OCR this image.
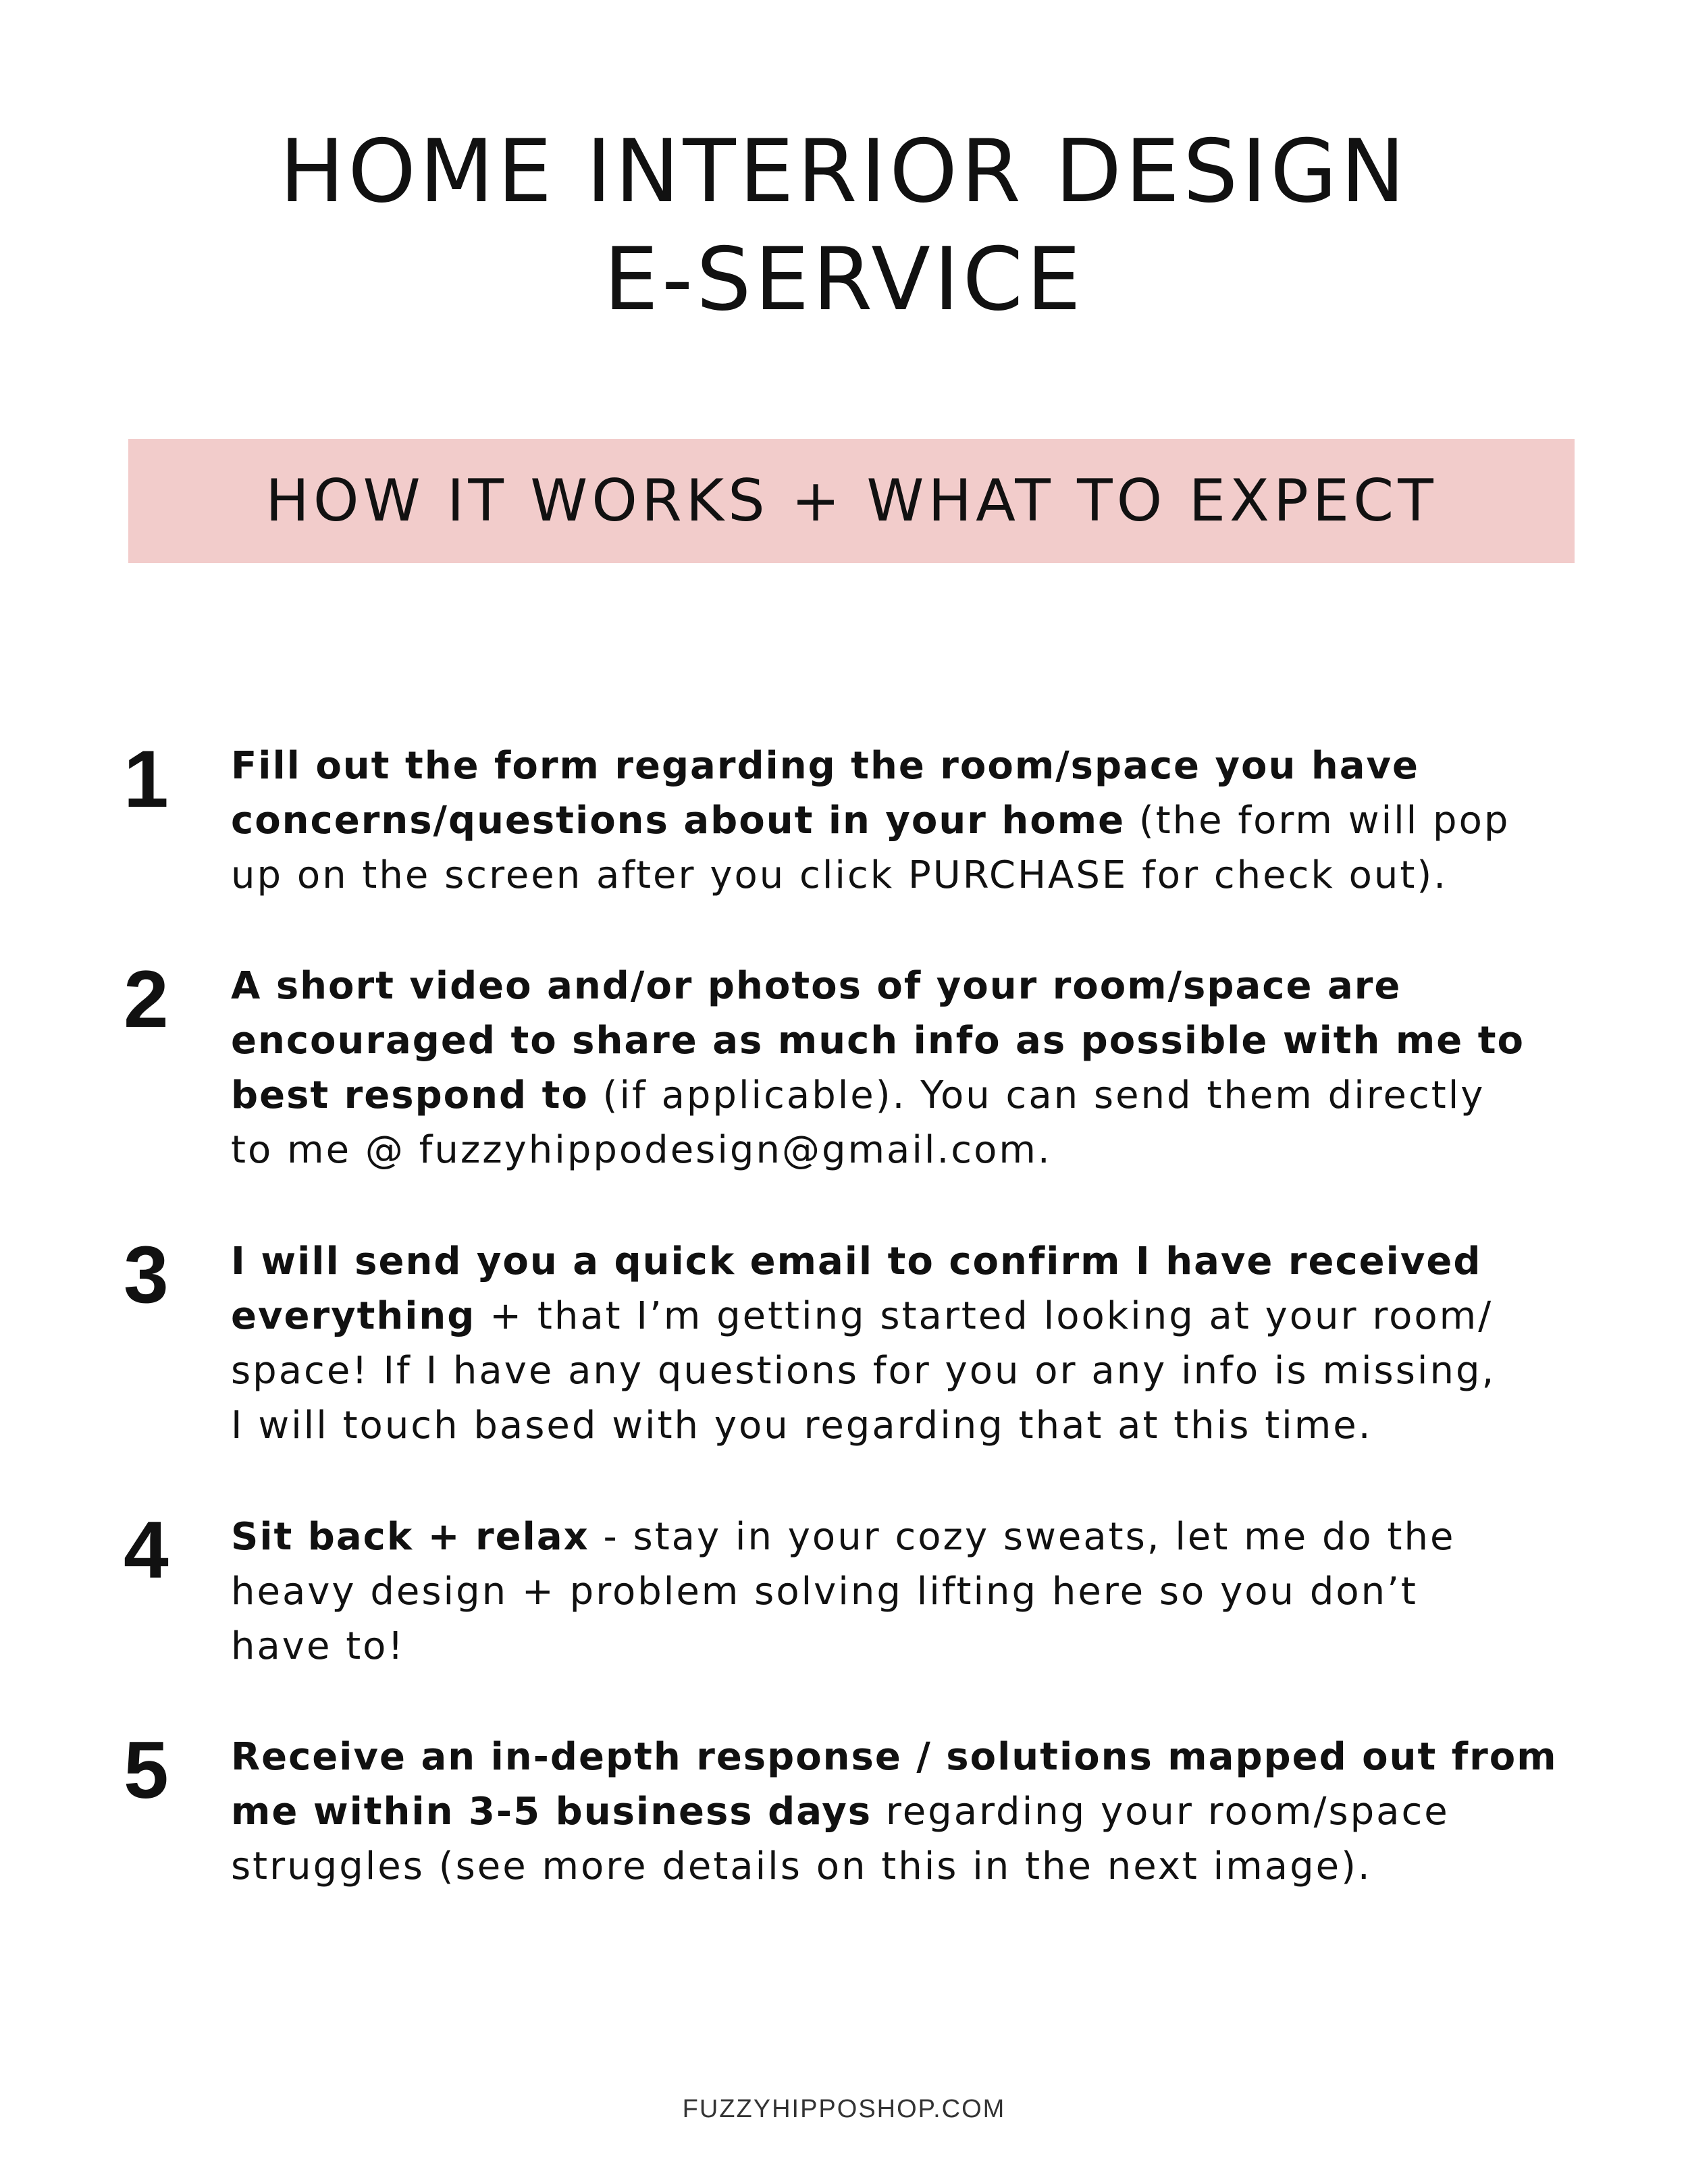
HOME INTERIOR DESIGN
E-SERVICE
HOW IT WORKS + WHAT TO EXPECT
1 Fill out the form regarding the room/space you have
concerns/questions about in your home (the form will pop
up on the screen after you click PURCHASE for check out).

2 A short video and/or photos of your room/space are
encouraged to share as much info as possible with me to
best respond to (if applicable). You can send them directly
to me @ fuzzyhippodesign@gmail.com.

3 I will send you a quick email to confirm I have received
everything + that I’m getting started looking at your room/
space! If I have any questions for you or any info is missing,
I will touch based with you regarding that at this time.

4 Sit back + relax - stay in your cozy sweats, let me do the
heavy design + problem solving lifting here so you don’t
have to!

5 Receive an in-depth response / solutions mapped out from
me within 3-5 business days regarding your room/space
struggles (see more details on this in the next image).

FUZZYHIPPOSHOP.COM
